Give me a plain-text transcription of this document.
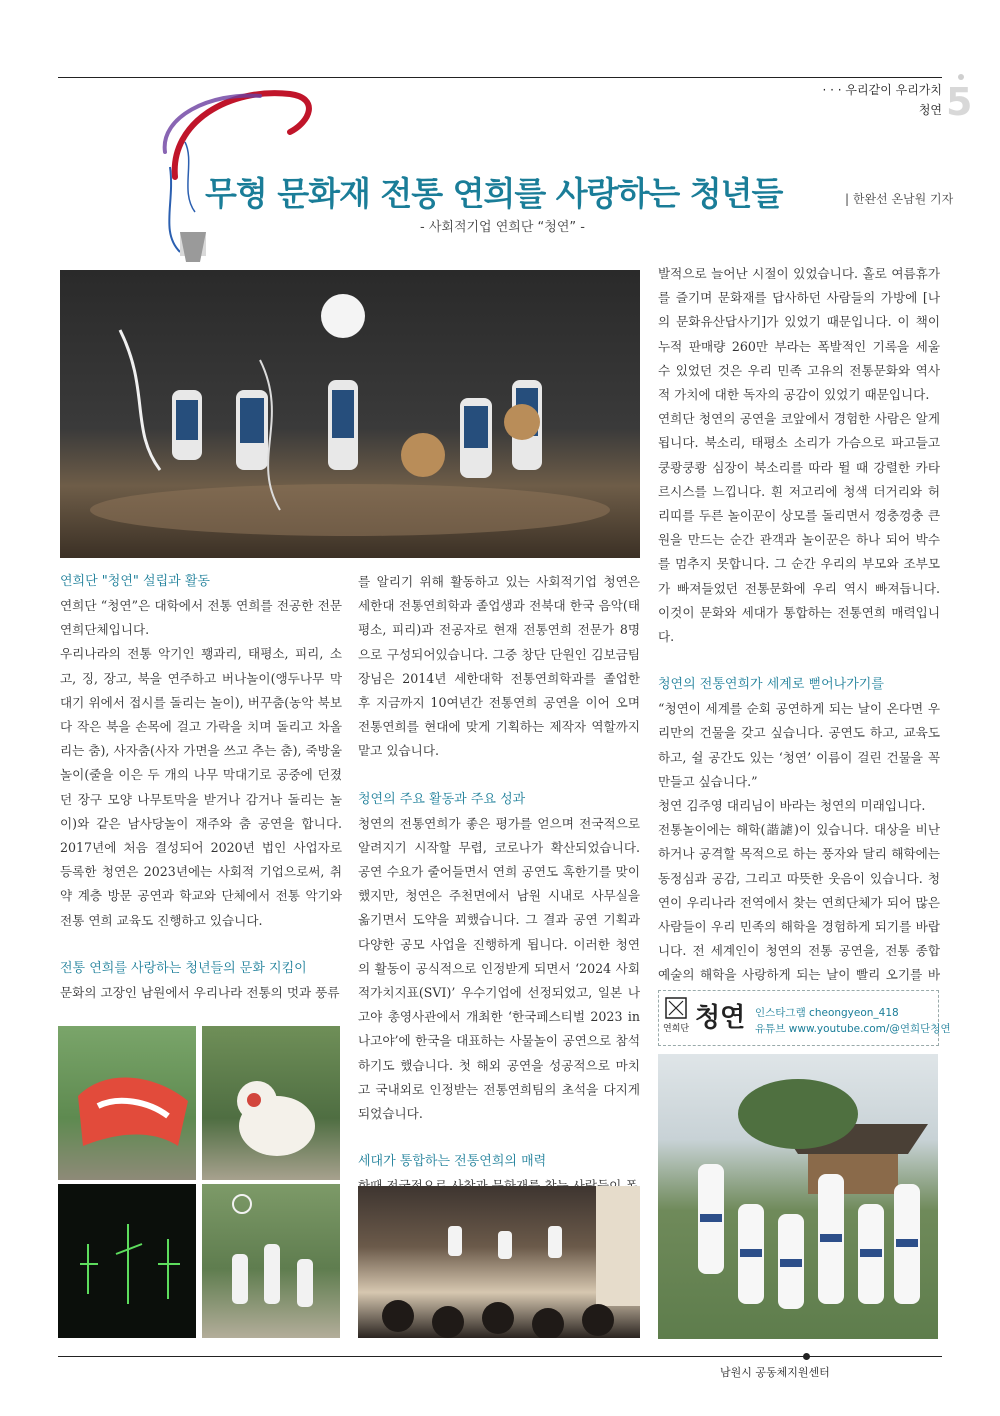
· · · 우리같이 우리가치
청연 5
무형 문화재 전통 연희를 사랑하는 청년들
- 사회적기업 연희단 “청연” -
| 한완선 온남원 기자

연희단 "청연" 설립과 활동

연희단 “청연”은 대학에서 전통 연희를 전공한 전문 연희단체입니다.

우리나라의 전통 악기인 꽹과리, 태평소, 피리, 소고, 징, 장고, 북을 연주하고 버나놀이(앵두나무 막대기 위에서 접시를 돌리는 놀이), 버꾸춤(농악 북보다 작은 북을 손목에 걸고 가락을 치며 돌리고 차올리는 춤), 사자춤(사자 가면을 쓰고 추는 춤), 죽방울놀이(줄을 이은 두 개의 나무 막대기로 공중에 던졌던 장구 모양 나무토막을 받거나 감거나 돌리는 놀이)와 같은 남사당놀이 재주와 춤 공연을 합니다. 2017년에 처음 결성되어 2020년 법인 사업자로 등록한 청연은 2023년에는 사회적 기업으로써, 취약 계층 방문 공연과 학교와 단체에서 전통 악기와 전통 연희 교육도 진행하고 있습니다.

전통 연희를 사랑하는 청년들의 문화 지킴이

문화의 고장인 남원에서 우리나라 전통의 멋과 풍류

를 알리기 위해 활동하고 있는 사회적기업 청연은 세한대 전통연희학과 졸업생과 전북대 한국 음악(태평소, 피리)과 전공자로 현재 전통연희 전문가 8명으로 구성되어있습니다. 그중 창단 단원인 김보금팀장님은 2014년 세한대학 전통연희학과를 졸업한 후 지금까지 10여년간 전통연희 공연을 이어 오며 전통연희를 현대에 맞게 기획하는 제작자 역할까지 맡고 있습니다.

청연의 주요 활동과 주요 성과

청연의 전통연희가 좋은 평가를 얻으며 전국적으로 알려지기 시작할 무렵, 코로나가 확산되었습니다. 공연 수요가 줄어들면서 연희 공연도 혹한기를 맞이했지만, 청연은 주천면에서 남원 시내로 사무실을 옮기면서 도약을 꾀했습니다. 그 결과 공연 기획과 다양한 공모 사업을 진행하게 됩니다. 이러한 청연의 활동이 공식적으로 인정받게 되면서 ‘2024 사회적가치지표(SVI)’ 우수기업에 선정되었고, 일본 나고야 총영사관에서 개최한 ‘한국페스티벌 2023 in 나고야’에 한국을 대표하는 사물놀이 공연으로 참석하기도 했습니다. 첫 해외 공연을 성공적으로 마치고 국내외로 인정받는 전통연희팀의 초석을 다지게 되었습니다.

세대가 통합하는 전통연희의 매력

발적으로 늘어난 시절이 있었습니다. 홀로 여름휴가를 즐기며 문화재를 답사하던 사람들의 가방에 [나의 문화유산답사기]가 있었기 때문입니다. 이 책이 누적 판매량 260만 부라는 폭발적인 기록을 세울 수 있었던 것은 우리 민족 고유의 전통문화와 역사적 가치에 대한 독자의 공감이 있었기 때문입니다.

연희단 청연의 공연을 코앞에서 경험한 사람은 알게 됩니다. 북소리, 태평소 소리가 가슴으로 파고들고 쿵쾅쿵쾅 심장이 북소리를 따라 뛸 때 강렬한 카타르시스를 느낍니다. 흰 저고리에 청색 더거리와 허리띠를 두른 놀이꾼이 상모를 돌리면서 껑충껑충 큰 원을 만드는 순간 관객과 놀이꾼은 하나 되어 박수를 멈추지 못합니다. 그 순간 우리의 부모와 조부모가 빠져들었던 전통문화에 우리 역시 빠져듭니다. 이것이 문화와 세대가 통합하는 전통연희 매력입니다.

청연의 전통연희가 세계로 뻗어나가기를

“청연이 세계를 순회 공연하게 되는 날이 온다면 우리만의 건물을 갖고 싶습니다. 공연도 하고, 교육도 하고, 쉴 공간도 있는 ‘청연’ 이름이 걸린 건물을 꼭 만들고 싶습니다.”

청연 김주영 대리님이 바라는 청연의 미래입니다.

전통놀이에는 해학(諧謔)이 있습니다. 대상을 비난하거나 공격할 목적으로 하는 풍자와 달리 해학에는 동정심과 공감, 그리고 따뜻한 웃음이 있습니다. 청연이 우리나라 전역에서 찾는 연희단체가 되어 많은 사람들이 우리 민족의 해학을 경험하게 되기를 바랍니다. 전 세계인이 청연의 전통 공연을, 전통 종합 예술의 해학을 사랑하게 되는 날이 빨리 오기를 바

연희단 청연 인스타그램 cheongyeon_418
유튜브 www.youtube.com/@연희단청연
남원시 공동체지원센터
